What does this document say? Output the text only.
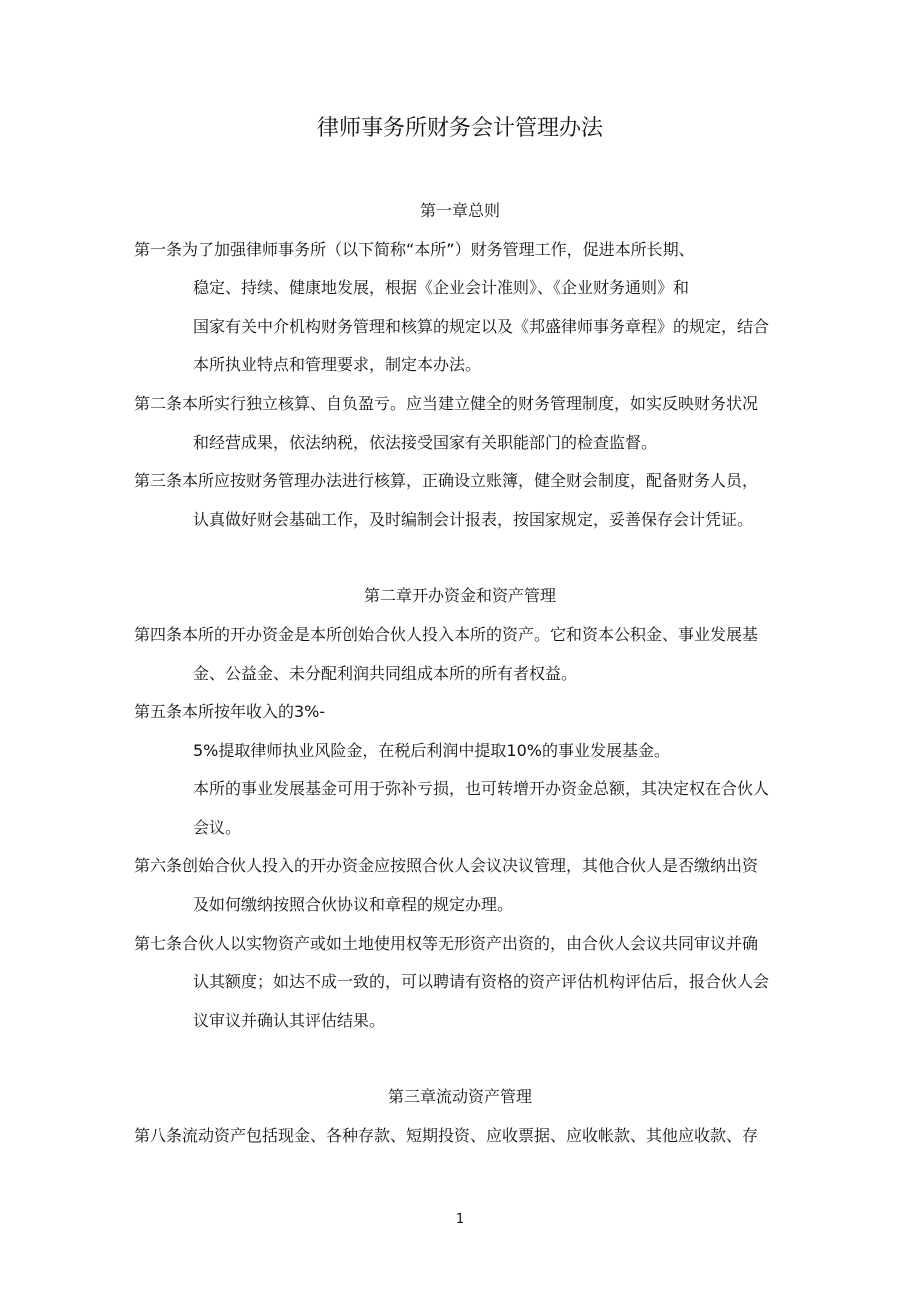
律师事务所财务会计管理办法
第一章总则
第一条为了加强律师事务所（以下简称“本所”）财务管理工作，促进本所长期、
稳定、持续、健康地发展，根据《企业会计准则》、《企业财务通则》和
国家有关中介机构财务管理和核算的规定以及《邦盛律师事务章程》的规定，结合
本所执业特点和管理要求，制定本办法。
第二条本所实行独立核算、自负盈亏。应当建立健全的财务管理制度，如实反映财务状况
和经营成果，依法纳税，依法接受国家有关职能部门的检查监督。
第三条本所应按财务管理办法进行核算，正确设立账簿，健全财会制度，配备财务人员，
认真做好财会基础工作，及时编制会计报表，按国家规定，妥善保存会计凭证。
第二章开办资金和资产管理
第四条本所的开办资金是本所创始合伙人投入本所的资产。它和资本公积金、事业发展基
金、公益金、未分配利润共同组成本所的所有者权益。
第五条本所按年收入的3%-
5%提取律师执业风险金，在税后利润中提取10%的事业发展基金。
本所的事业发展基金可用于弥补亏损，也可转增开办资金总额，其决定权在合伙人
会议。
第六条创始合伙人投入的开办资金应按照合伙人会议决议管理，其他合伙人是否缴纳出资
及如何缴纳按照合伙协议和章程的规定办理。
第七条合伙人以实物资产或如土地使用权等无形资产出资的，由合伙人会议共同审议并确
认其额度；如达不成一致的，可以聘请有资格的资产评估机构评估后，报合伙人会
议审议并确认其评估结果。
第三章流动资产管理
第八条流动资产包括现金、各种存款、短期投资、应收票据、应收帐款、其他应收款、存
1
